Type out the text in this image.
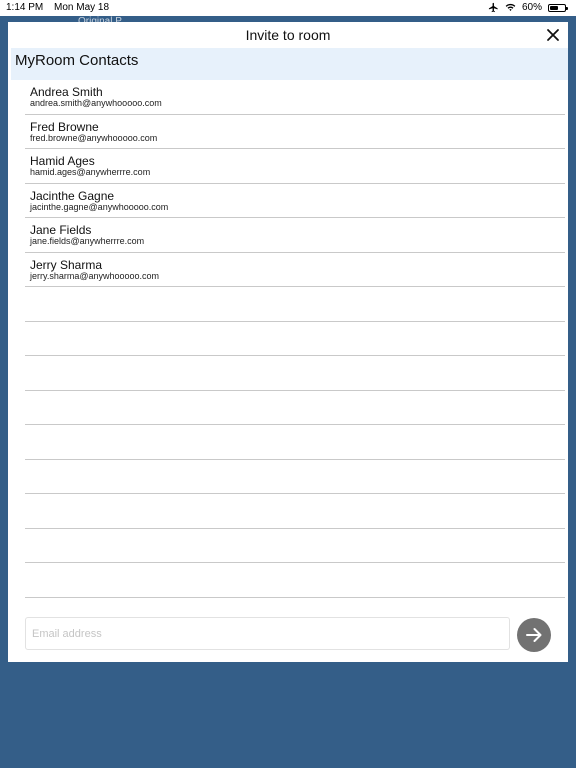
1:14 PM Mon May 18	60%
Invite to room
MyRoom Contacts
Andrea Smith
andrea.smith@anywhooooo.com
Fred Browne
fred.browne@anywhooooo.com
Hamid Ages
hamid.ages@anywherrre.com
Jacinthe Gagne
jacinthe.gagne@anywhooooo.com
Jane Fields
jane.fields@anywherrre.com
Jerry Sharma
jerry.sharma@anywhooooo.com
Email address
